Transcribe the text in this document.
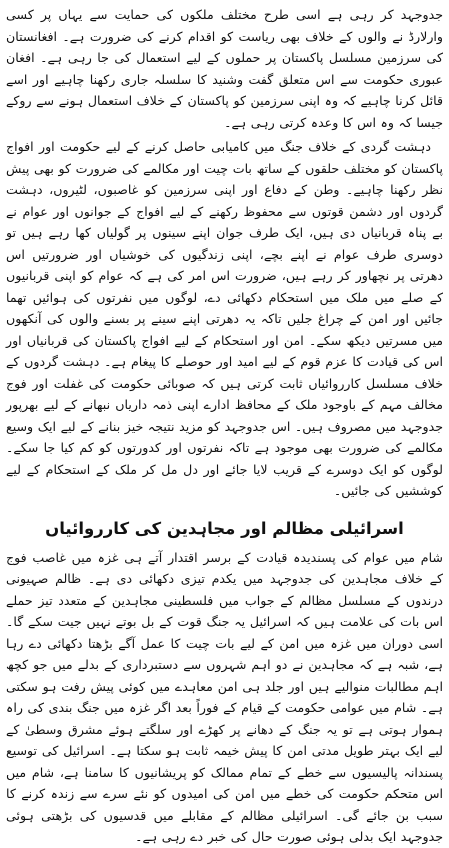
جدوجہد کر رہی ہے اسی طرح مختلف ملکوں کی حمایت سے یہاں پر کسی وارلارڈ نے والوں کے خلاف بھی ریاست کو اقدام کرنے کی ضرورت ہے۔ افغانستان کی سرزمین مسلسل پاکستان پر حملوں کے لیے استعمال کی جا رہی ہے۔ افغان عبوری حکومت سے اس متعلق گفت وشنید کا سلسلہ جاری رکھنا چاہیے اور اسے قائل کرنا چاہیے کہ وہ اپنی سرزمین کو پاکستان کے خلاف استعمال ہونے سے روکے جیسا کہ وہ اس کا وعدہ کرتی رہی ہے۔

دہشت گردی کے خلاف جنگ میں کامیابی حاصل کرنے کے لیے حکومت اور افواج پاکستان کو مختلف حلقوں کے ساتھ بات چیت اور مکالمے کی ضرورت کو بھی پیش نظر رکھنا چاہیے۔ وطن کے دفاع اور اپنی سرزمین کو غاصبوں، لٹیروں، دہشت گردوں اور دشمن قوتوں سے محفوظ رکھنے کے لیے افواج کے جوانوں اور عوام نے بے پناہ قربانیاں دی ہیں، ایک طرف جوان اپنے سینوں پر گولیاں کھا رہے ہیں تو دوسری طرف عوام نے اپنے بچے، اپنی زندگیوں کی خوشیاں اور ضرورتیں اس دھرتی پر نچھاور کر رہے ہیں، ضرورت اس امر کی ہے کہ عوام کو اپنی قربانیوں کے صلے میں ملک میں استحکام دکھائی دے، لوگوں میں نفرتوں کی ہوائیں تھما جائیں اور امن کے چراغ جلیں تاکہ یہ دھرتی اپنے سینے پر بسنے والوں کی آنکھوں میں مسرتیں دیکھ سکے۔ امن اور استحکام کے لیے افواج پاکستان کی قربانیاں اور اس کی قیادت کا عزم قوم کے لیے امید اور حوصلے کا پیغام ہے۔ دہشت گردوں کے خلاف مسلسل کارروائیاں ثابت کرتی ہیں کہ صوبائی حکومت کی غفلت اور فوج مخالف مہم کے باوجود ملک کے محافظ ادارے اپنی ذمہ داریاں نبھانے کے لیے بھرپور جدوجہد میں مصروف ہیں۔ اس جدوجہد کو مزید نتیجہ خیز بنانے کے لیے ایک وسیع مکالمے کی ضرورت بھی موجود ہے تاکہ نفرتوں اور کدورتوں کو کم کیا جا سکے۔ لوگوں کو ایک دوسرے کے قریب لایا جائے اور دل مل کر ملک کے استحکام کے لیے کوششیں کی جائیں۔

اسرائیلی مظالم اور مجاہدین کی کارروائیاں

شام میں عوام کی پسندیدہ قیادت کے برسر اقتدار آتے ہی غزہ میں غاصب فوج کے خلاف مجاہدین کی جدوجہد میں یکدم تیزی دکھائی دی ہے۔ ظالم صہیونی درندوں کے مسلسل مظالم کے جواب میں فلسطینی مجاہدین کے متعدد تیز حملے اس بات کی علامت ہیں کہ اسرائیل یہ جنگ قوت کے بل بوتے نہیں جیت سکے گا۔ اسی دوران میں غزہ میں امن کے لیے بات چیت کا عمل آگے بڑھتا دکھائی دے رہا ہے، شبہ ہے کہ مجاہدین نے دو اہم شہروں سے دستبرداری کے بدلے میں جو کچھ اہم مطالبات منوالیے ہیں اور جلد ہی امن معاہدے میں کوئی پیش رفت ہو سکتی ہے۔ شام میں عوامی حکومت کے قیام کے فوراً بعد اگر غزہ میں جنگ بندی کی راہ ہموار ہوتی ہے تو یہ جنگ کے دھانے پر کھڑے اور سلگتے ہوئے مشرق وسطیٰ کے لیے ایک بہتر طویل مدتی امن کا پیش خیمہ ثابت ہو سکتا ہے۔ اسرائیل کی توسیع پسندانہ پالیسیوں سے خطے کے تمام ممالک کو پریشانیوں کا سامنا ہے، شام میں اس متحکم حکومت کی خطے میں امن کی امیدوں کو نئے سرے سے زندہ کرنے کا سبب بن جائے گی۔ اسرائیلی مظالم کے مقابلے میں قدسیوں کی بڑھتی ہوئی جدوجہد ایک بدلی ہوئی صورت حال کی خبر دے رہی ہے۔
